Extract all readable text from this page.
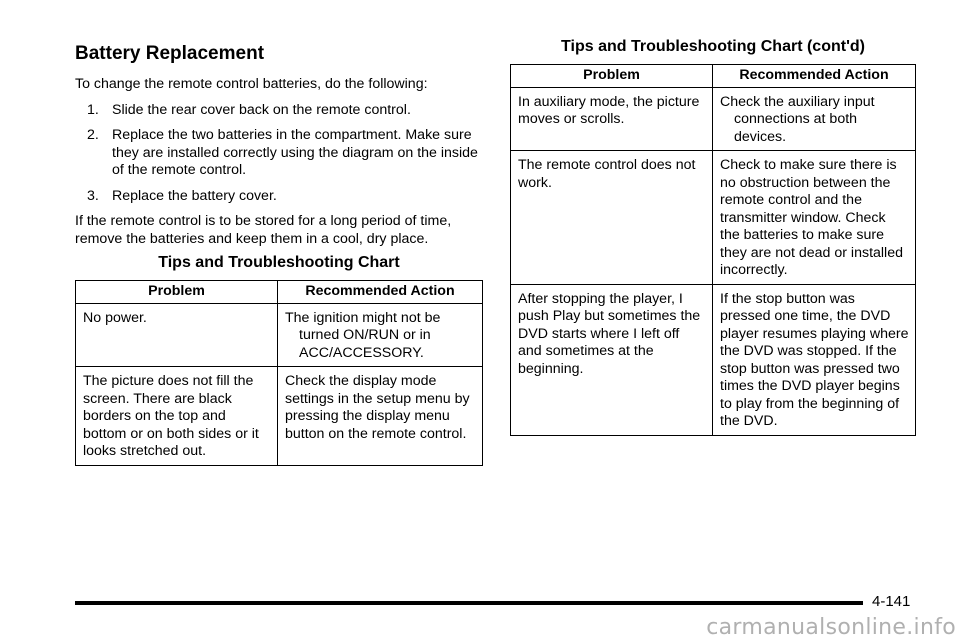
Battery Replacement

To change the remote control batteries, do the following:

1. Slide the rear cover back on the remote control.
2. Replace the two batteries in the compartment. Make sure they are installed correctly using the diagram on the inside of the remote control.
3. Replace the battery cover.

If the remote control is to be stored for a long period of time, remove the batteries and keep them in a cool, dry place.

Tips and Troubleshooting Chart
Problem	Recommended Action
No power.	The ignition might not be turned ON/RUN or in ACC/ACCESSORY.

The picture does not fill the screen. There are black borders on the top and bottom or on both sides or it looks stretched out.	Check the display mode settings in the setup menu by pressing the display menu button on the remote control.
Tips and Troubleshooting Chart (cont'd)
Problem	Recommended Action
In auxiliary mode, the picture moves or scrolls.	Check the auxiliary input connections at both devices.

The remote control does not work.	Check to make sure there is no obstruction between the remote control and the transmitter window. Check the batteries to make sure they are not dead or installed incorrectly.
After stopping the player, I push Play but sometimes the DVD starts where I left off and sometimes at the beginning.	If the stop button was pressed one time, the DVD player resumes playing where the DVD was stopped. If the stop button was pressed two times the DVD player begins to play from the beginning of the DVD.
4-141
carmanualsonline.info
